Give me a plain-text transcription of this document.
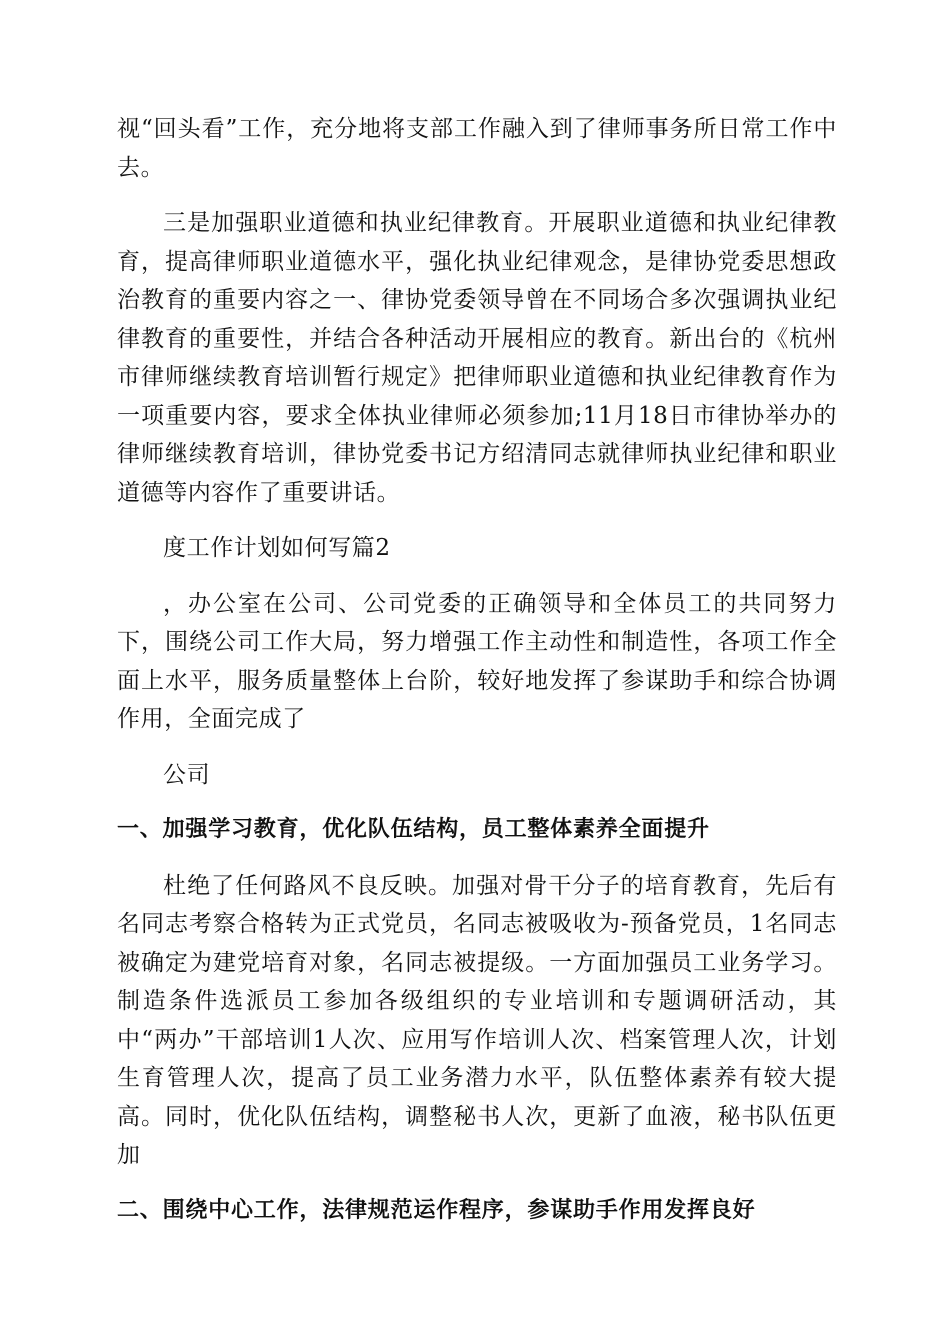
视“回头看”工作，充分地将支部工作融入到了律师事务所日常工作中去。

三是加强职业道德和执业纪律教育。开展职业道德和执业纪律教育，提高律师职业道德水平，强化执业纪律观念，是律协党委思想政治教育的重要内容之一、律协党委领导曾在不同场合多次强调执业纪律教育的重要性，并结合各种活动开展相应的教育。新出台的《杭州市律师继续教育培训暂行规定》把律师职业道德和执业纪律教育作为一项重要内容，要求全体执业律师必须参加;11月18日市律协举办的律师继续教育培训，律协党委书记方绍清同志就律师执业纪律和职业道德等内容作了重要讲话。

度工作计划如何写篇2

，办公室在公司、公司党委的正确领导和全体员工的共同努力下，围绕公司工作大局，努力增强工作主动性和制造性，各项工作全面上水平，服务质量整体上台阶，较好地发挥了参谋助手和综合协调作用，全面完成了

公司

一、加强学习教育，优化队伍结构，员工整体素养全面提升

杜绝了任何路风不良反映。加强对骨干分子的培育教育，先后有名同志考察合格转为正式党员，名同志被吸收为-预备党员，1名同志被确定为建党培育对象，名同志被提级。一方面加强员工业务学习。制造条件选派员工参加各级组织的专业培训和专题调研活动，其中“两办”干部培训1人次、应用写作培训人次、档案管理人次，计划生育管理人次，提高了员工业务潜力水平，队伍整体素养有较大提高。同时，优化队伍结构，调整秘书人次，更新了血液，秘书队伍更加

二、围绕中心工作，法律规范运作程序，参谋助手作用发挥良好
